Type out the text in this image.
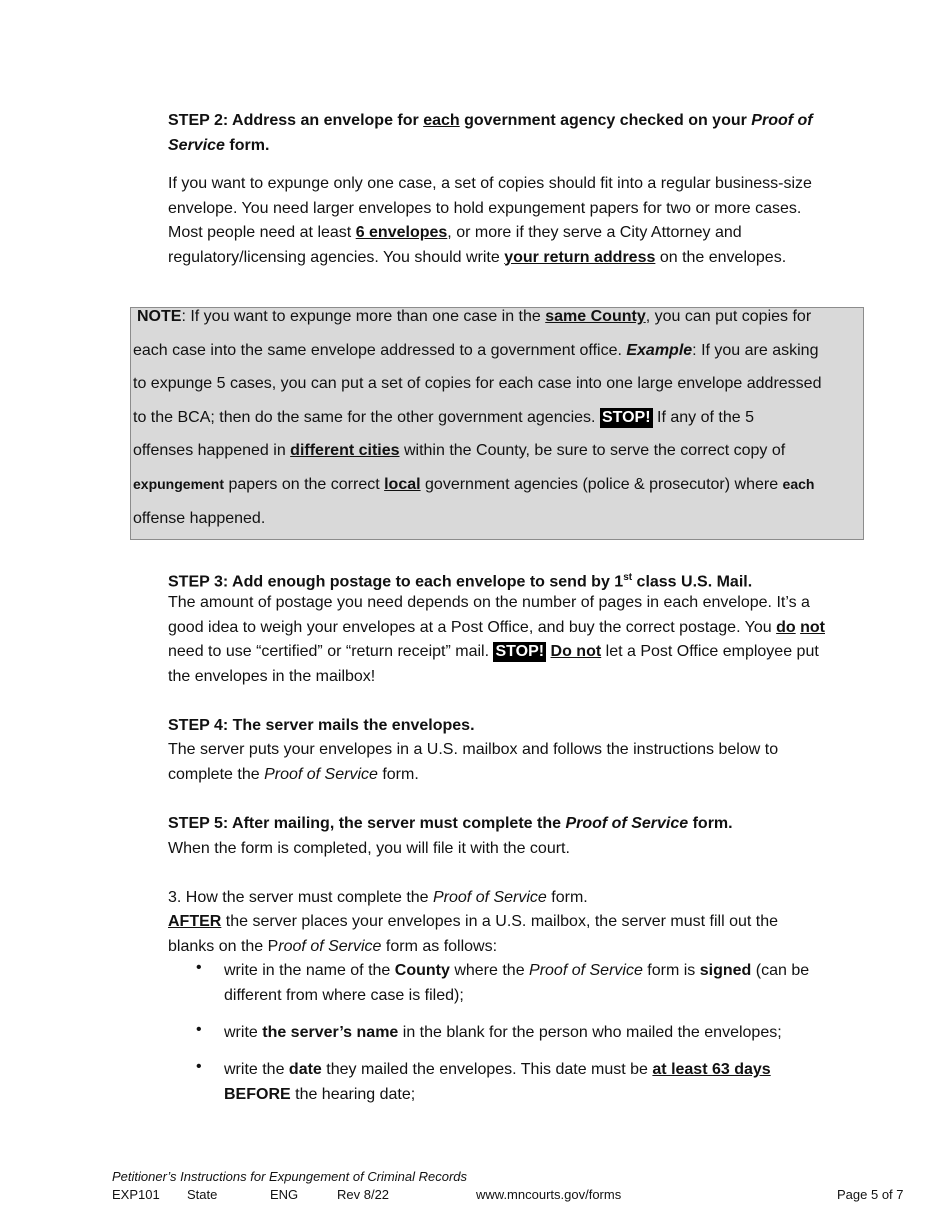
STEP 2: Address an envelope for each government agency checked on your Proof of Service form.
If you want to expunge only one case, a set of copies should fit into a regular business-size envelope. You need larger envelopes to hold expungement papers for two or more cases. Most people need at least 6 envelopes, or more if they serve a City Attorney and regulatory/licensing agencies. You should write your return address on the envelopes.
NOTE: If you want to expunge more than one case in the same County, you can put copies for
each case into the same envelope addressed to a government office. Example: If you are asking
to expunge 5 cases, you can put a set of copies for each case into one large envelope addressed
to the BCA; then do the same for the other government agencies. STOP! If any of the 5
offenses happened in different cities within the County, be sure to serve the correct copy of
expungement papers on the correct local government agencies (police & prosecutor) where each
offense happened.
STEP 3: Add enough postage to each envelope to send by 1st class U.S. Mail.
The amount of postage you need depends on the number of pages in each envelope. It’s a good idea to weigh your envelopes at a Post Office, and buy the correct postage. You do not need to use “certified” or “return receipt” mail. STOP! Do not let a Post Office employee put the envelopes in the mailbox!
STEP 4: The server mails the envelopes.
The server puts your envelopes in a U.S. mailbox and follows the instructions below to complete the Proof of Service form.
STEP 5: After mailing, the server must complete the Proof of Service form.
When the form is completed, you will file it with the court.
3. How the server must complete the Proof of Service form.
AFTER the server places your envelopes in a U.S. mailbox, the server must fill out the blanks on the Proof of Service form as follows:
• write in the name of the County where the Proof of Service form is signed (can be different from where case is filed);
• write the server’s name in the blank for the person who mailed the envelopes;
• write the date they mailed the envelopes. This date must be at least 63 days
BEFORE the hearing date;
Petitioner’s Instructions for Expungement of Criminal Records
EXP101 State	ENG	Rev 8/22	www.mncourts.gov/forms	Page 5 of 7
